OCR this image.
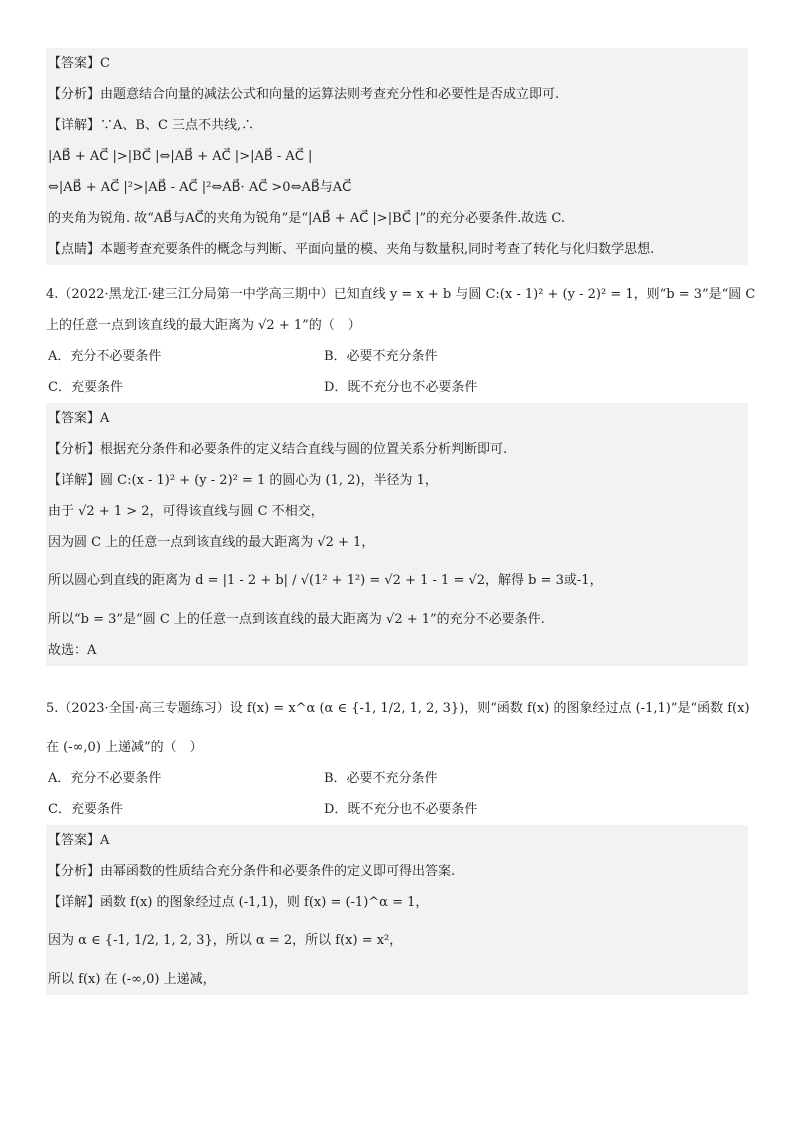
【答案】C
【分析】由题意结合向量的减法公式和向量的运算法则考查充分性和必要性是否成立即可.
【详解】∵A、B、C 三点不共线,∴
|AB⃗ + AC⃗ |>|BC⃗ |⇔|AB⃗ + AC⃗ |>|AB⃗ - AC⃗ |
⇔|AB⃗ + AC⃗ |²>|AB⃗ - AC⃗ |²⇔AB⃗· AC⃗ >0⇔AB⃗与AC⃗
的夹角为锐角. 故“AB⃗与AC⃗的夹角为锐角”是“|AB⃗ + AC⃗ |>|BC⃗ |”的充分必要条件.故选 C.
【点睛】本题考查充要条件的概念与判断、平面向量的模、夹角与数量积,同时考查了转化与化归数学思想.
4.（2022·黑龙江·建三江分局第一中学高三期中）已知直线 y = x + b 与圆 C:(x - 1)² + (y - 2)² = 1，则“b = 3”是“圆 C
上的任意一点到该直线的最大距离为 √2 + 1”的（　）
A．充分不必要条件	B．必要不充分条件
C．充要条件	D．既不充分也不必要条件
【答案】A
【分析】根据充分条件和必要条件的定义结合直线与圆的位置关系分析判断即可.
【详解】圆 C:(x - 1)² + (y - 2)² = 1 的圆心为 (1, 2)，半径为 1，
由于 √2 + 1 > 2，可得该直线与圆 C 不相交，
因为圆 C 上的任意一点到该直线的最大距离为 √2 + 1，
所以圆心到直线的距离为 d = |1 - 2 + b| / √(1² + 1²) = √2 + 1 - 1 = √2，解得 b = 3或-1，
所以“b = 3”是“圆 C 上的任意一点到该直线的最大距离为 √2 + 1”的充分不必要条件.
故选：A
5.（2023·全国·高三专题练习）设 f(x) = x^α (α ∈ {-1, 1/2, 1, 2, 3})，则“函数 f(x) 的图象经过点 (-1,1)”是“函数 f(x)
在 (-∞,0) 上递减”的（　）
A．充分不必要条件	B．必要不充分条件
C．充要条件	D．既不充分也不必要条件
【答案】A
【分析】由幂函数的性质结合充分条件和必要条件的定义即可得出答案.
【详解】函数 f(x) 的图象经过点 (-1,1)，则 f(x) = (-1)^α = 1，
因为 α ∈ {-1, 1/2, 1, 2, 3}，所以 α = 2，所以 f(x) = x²，
所以 f(x) 在 (-∞,0) 上递减，
